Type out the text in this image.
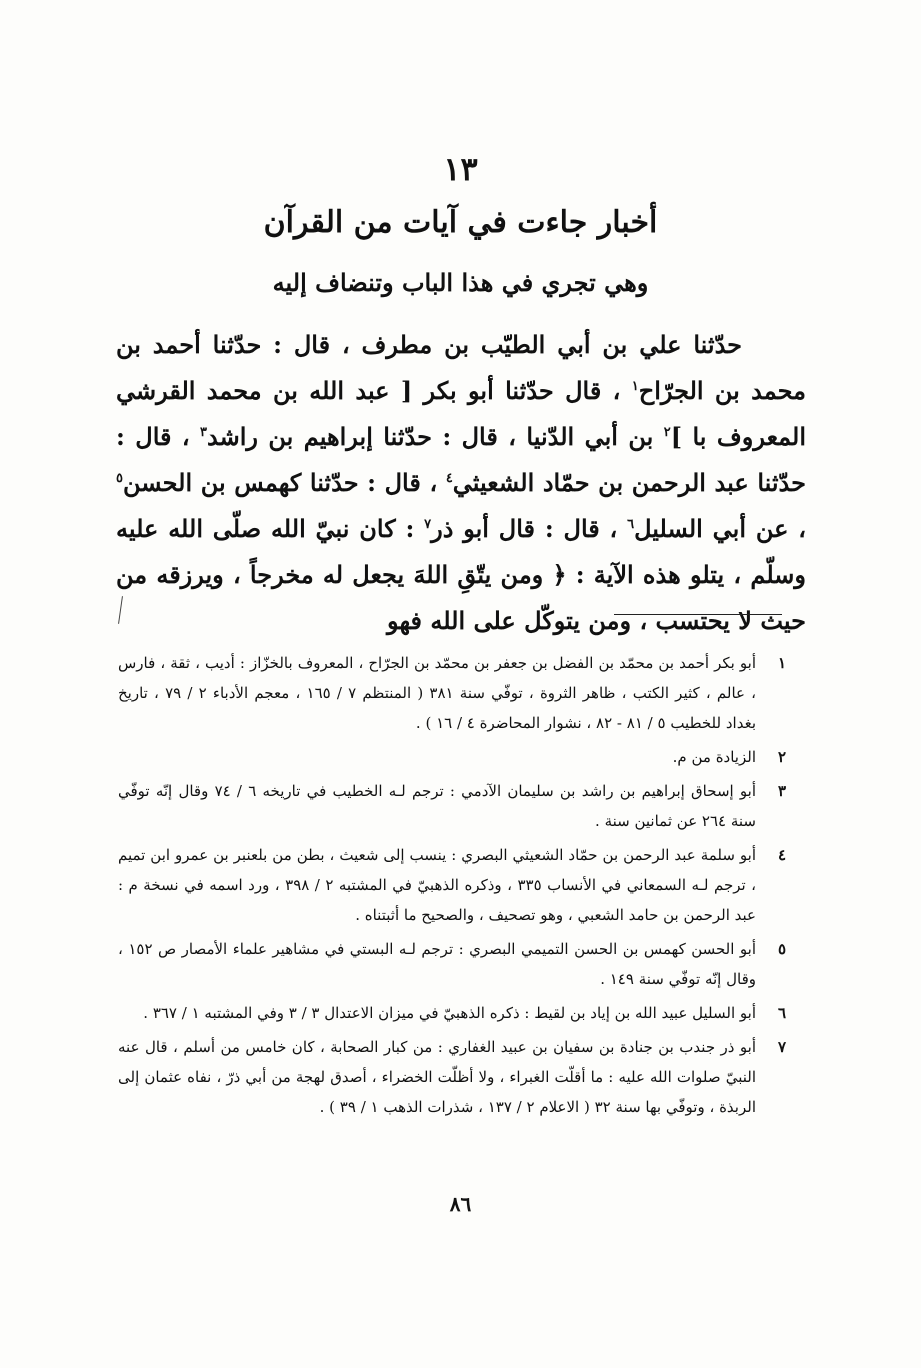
١٣
أخبار جاءت في آيات من القرآن
وهي تجري في هذا الباب وتنضاف إليه
حدّثنا علي بن أبي الطيّب بن مطرف ، قال : حدّثنا أحمد بن محمد بن الجرّاح$^١$ ، قال حدّثنا أبو بكر [ عبد الله بن محمد القرشي المعروف با ]$^٢$ بن أبي الدّنيا ، قال : حدّثنا إبراهيم بن راشد$^٣$ ، قال : حدّثنا عبد الرحمن بن حمّاد الشعيثي$^٤$ ، قال : حدّثنا كهمس بن الحسن$^٥$ ، عن أبي السليل$^٦$ ، قال : قال أبو ذر$^٧$ : كان نبيّ الله صلّى الله عليه وسلّم ، يتلو هذه الآية : ﴿ ومن يتّقِ اللهَ يجعل له مخرجاً ، ويرزقه من حيث لا يحتسب ، ومن يتوكّل على الله فهو
١
أبو بكر أحمد بن محمّد بن الفضل بن جعفر بن محمّد بن الجرّاح ، المعروف بالخزّاز : أديب ، ثقة ، فارس ، عالم ، كثير الكتب ، ظاهر الثروة ، توفّي سنة ٣٨١ ( المنتظم ٧ / ١٦٥ ، معجم الأدباء ٢ / ٧٩ ، تاريخ بغداد للخطيب ٥ / ٨١ - ٨٢ ، نشوار المحاضرة ٤ / ١٦ ) .
٢
الزيادة من م.
٣
أبو إسحاق إبراهيم بن راشد بن سليمان الآدمي : ترجم لـه الخطيب في تاريخه ٦ / ٧٤ وقال إنّه توفّي سنة ٢٦٤ عن ثمانين سنة .
٤
أبو سلمة عبد الرحمن بن حمّاد الشعيثي البصري : ينسب إلى شعيث ، بطن من بلعنبر بن عمرو ابن تميم ، ترجم لـه السمعاني في الأنساب ٣٣٥ ، وذكره الذهبيّ في المشتبه ٢ / ٣٩٨ ، ورد اسمه في نسخة م : عبد الرحمن بن حامد الشعبي ، وهو تصحيف ، والصحيح ما أثبتناه .
٥
أبو الحسن كهمس بن الحسن التميمي البصري : ترجم لـه البستي في مشاهير علماء الأمصار ص ١٥٢ ، وقال إنّه توفّي سنة ١٤٩ .
٦
أبو السليل عبيد الله بن إياد بن لقيط : ذكره الذهبيّ في ميزان الاعتدال ٣ / ٣ وفي المشتبه ١ / ٣٦٧ .
٧
أبو ذر جندب بن جنادة بن سفيان بن عبيد الغفاري : من كبار الصحابة ، كان خامس من أسلم ، قال عنه النبيّ صلوات الله عليه : ما أقلّت الغبراء ، ولا أظلّت الخضراء ، أصدق لهجة من أبي ذرّ ، نفاه عثمان إلى الربذة ، وتوفّي بها سنة ٣٢ ( الاعلام ٢ / ١٣٧ ، شذرات الذهب ١ / ٣٩ ) .
٨٦
